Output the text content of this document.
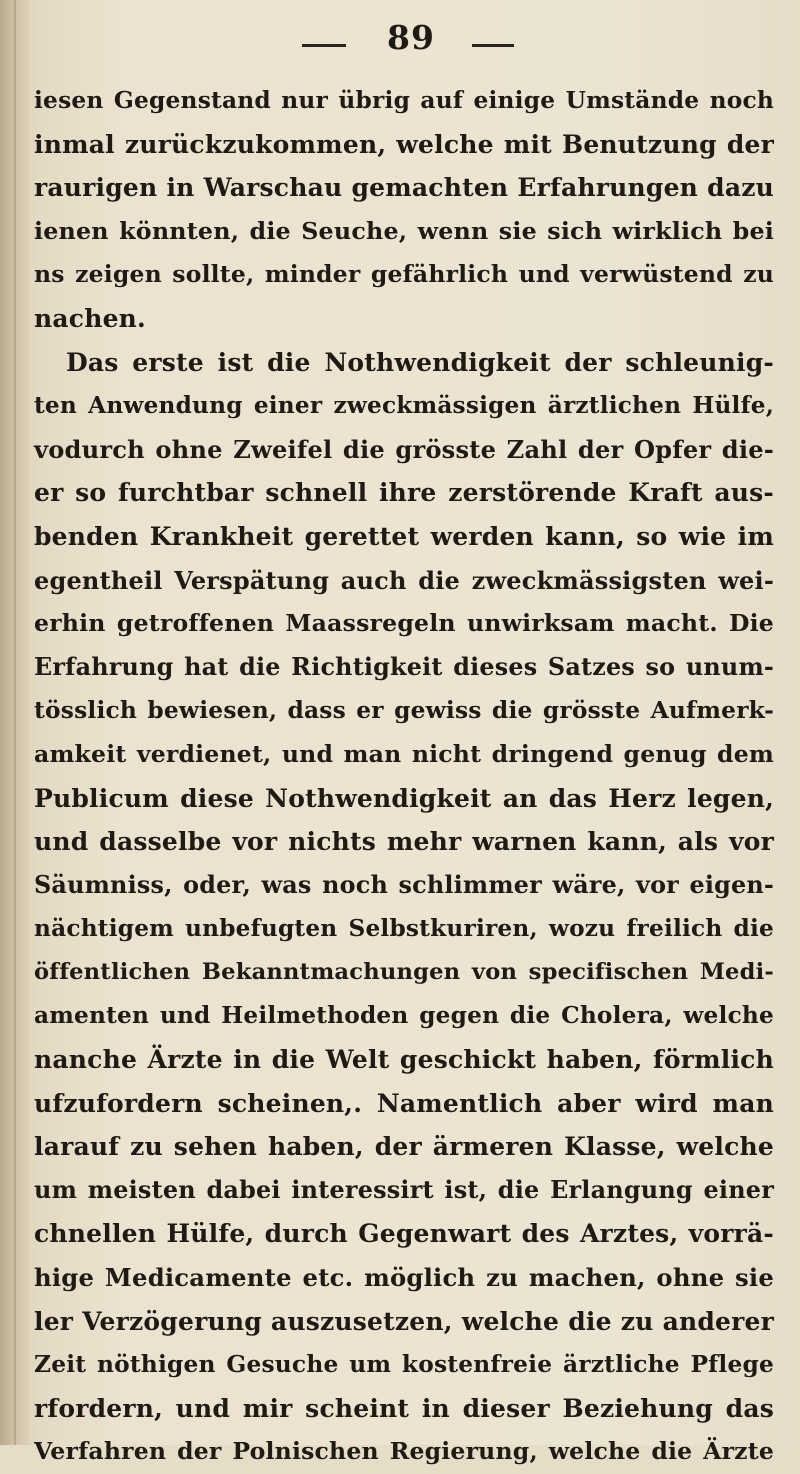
89
iesen Gegenstand nur übrig auf einige Umstände noch
inmal zurückzukommen, welche mit Benutzung der
raurigen in Warschau gemachten Erfahrungen dazu
ienen könnten, die Seuche, wenn sie sich wirklich bei
ns zeigen sollte, minder gefährlich und verwüstend zu
nachen.
Das erste ist die Nothwendigkeit der schleunig-
ten Anwendung einer zweckmässigen ärztlichen Hülfe,
vodurch ohne Zweifel die grösste Zahl der Opfer die-
er so furchtbar schnell ihre zerstörende Kraft aus-
benden Krankheit gerettet werden kann, so wie im
egentheil Verspätung auch die zweckmässigsten wei-
erhin getroffenen Maassregeln unwirksam macht. Die
Erfahrung hat die Richtigkeit dieses Satzes so unum-
tösslich bewiesen, dass er gewiss die grösste Aufmerk-
amkeit verdienet, und man nicht dringend genug dem
Publicum diese Nothwendigkeit an das Herz legen,
und dasselbe vor nichts mehr warnen kann, als vor
Säumniss, oder, was noch schlimmer wäre, vor eigen-
nächtigem unbefugten Selbstkuriren, wozu freilich die
öffentlichen Bekanntmachungen von specifischen Medi-
amenten und Heilmethoden gegen die Cholera, welche
nanche Ärzte in die Welt geschickt haben, förmlich
ufzufordern scheinen,. Namentlich aber wird man
larauf zu sehen haben, der ärmeren Klasse, welche
um meisten dabei interessirt ist, die Erlangung einer
chnellen Hülfe, durch Gegenwart des Arztes, vorrä-
hige Medicamente etc. möglich zu machen, ohne sie
ler Verzögerung auszusetzen, welche die zu anderer
Zeit nöthigen Gesuche um kostenfreie ärztliche Pflege
rfordern, und mir scheint in dieser Beziehung das
Verfahren der Polnischen Regierung, welche die Ärzte
